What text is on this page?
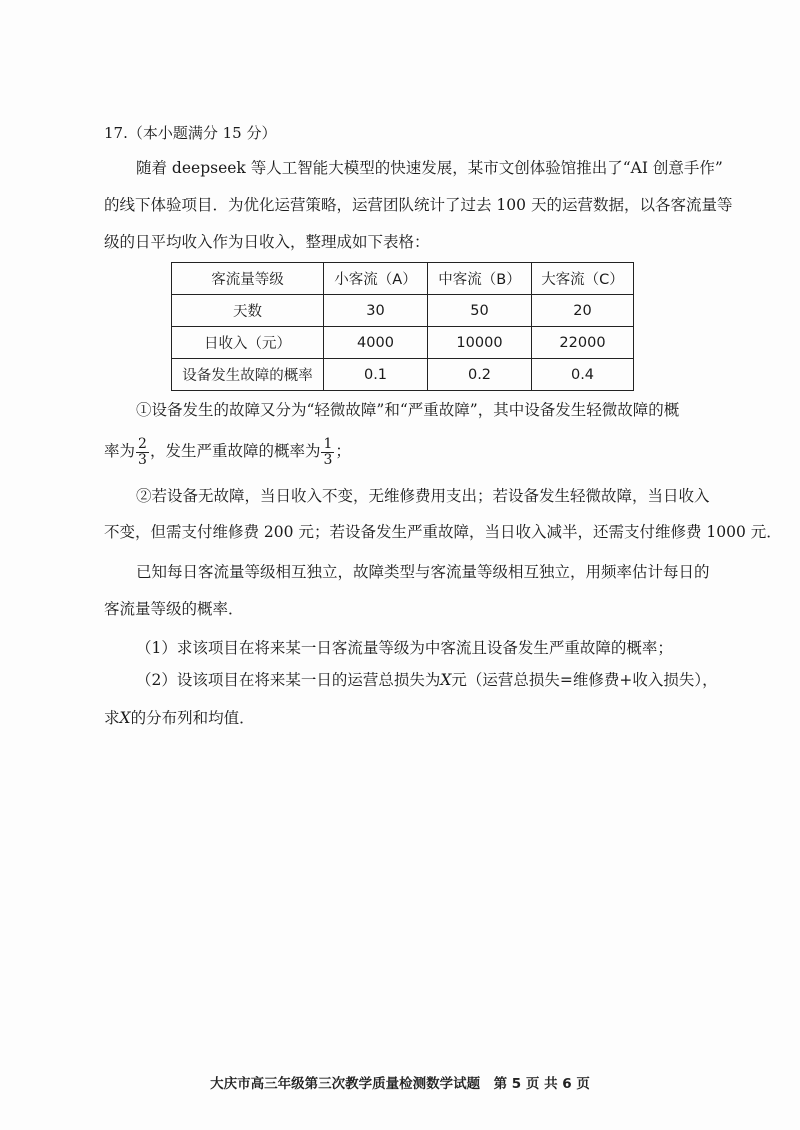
17.（本小题满分 15 分）
随着 deepseek 等人工智能大模型的快速发展，某市文创体验馆推出了“AI 创意手作”
的线下体验项目．为优化运营策略，运营团队统计了过去 100 天的运营数据，以各客流量等
级的日平均收入作为日收入，整理成如下表格：
客流量等级	小客流（A）	中客流（B）	大客流（C）
天数	30	50	20
日收入（元）	4000	10000	22000
设备发生故障的概率	0.1	0.2	0.4
①设备发生的故障又分为“轻微故障”和“严重故障”，其中设备发生轻微故障的概
率为 $\frac{2}{3}$ ，发生严重故障的概率为 $\frac{1}{3}$ ；
②若设备无故障，当日收入不变，无维修费用支出；若设备发生轻微故障，当日收入
不变，但需支付维修费 200 元；若设备发生严重故障，当日收入减半，还需支付维修费 1000 元．
已知每日客流量等级相互独立，故障类型与客流量等级相互独立，用频率估计每日的
客流量等级的概率．
（1）求该项目在将来某一日客流量等级为中客流且设备发生严重故障的概率；
（2）设该项目在将来某一日的运营总损失为X元（运营总损失=维修费+收入损失），
求X的分布列和均值．
大庆市高三年级第三次教学质量检测数学试题　第 5 页 共 6 页
